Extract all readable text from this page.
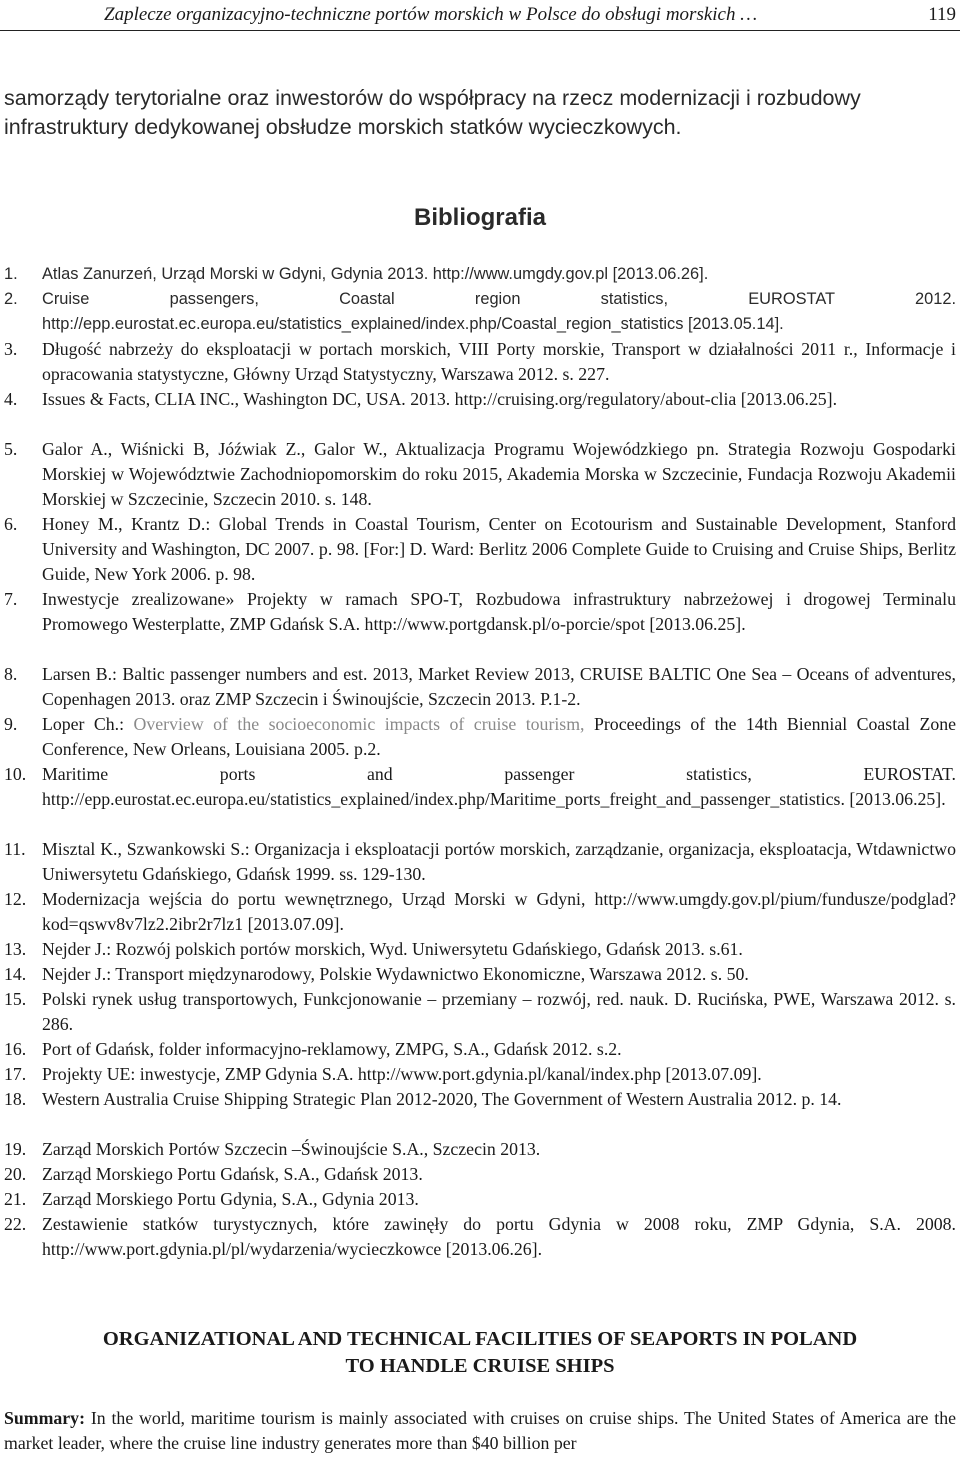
Zaplecze organizacyjno-techniczne portów morskich w Polsce do obsługi morskich …	119
samorządy terytorialne oraz inwestorów do współpracy na rzecz modernizacji i rozbudowy infrastruktury dedykowanej obsłudze morskich statków wycieczkowych.
Bibliografia
1.	Atlas Zanurzeń, Urząd Morski w Gdyni, Gdynia 2013. http://www.umgdy.gov.pl [2013.06.26].
2.	Cruise passengers, Coastal region statistics, EUROSTAT 2012. http://epp.eurostat.ec.europa.eu/statistics_explained/index.php/Coastal_region_statistics [2013.05.14].
3.	Długość nabrzeży do eksploatacji w portach morskich, VIII Porty morskie, Transport w działalności 2011 r., Informacje i opracowania statystyczne, Główny Urząd Statystyczny, Warszawa 2012. s. 227.
4.	Issues & Facts, CLIA INC., Washington DC, USA. 2013. http://cruising.org/regulatory/about-clia [2013.06.25].
5.	Galor A., Wiśnicki B, Jóźwiak Z., Galor W., Aktualizacja Programu Wojewódzkiego pn. Strategia Rozwoju Gospodarki Morskiej w Województwie Zachodniopomorskim do roku 2015, Akademia Morska w Szczecinie, Fundacja Rozwoju Akademii Morskiej w Szczecinie, Szczecin 2010. s. 148.
6.	Honey M., Krantz D.: Global Trends in Coastal Tourism, Center on Ecotourism and Sustainable Development, Stanford University and Washington, DC 2007. p. 98. [For:] D. Ward: Berlitz 2006 Complete Guide to Cruising and Cruise Ships, Berlitz Guide, New York 2006. p. 98.
7.	Inwestycje zrealizowane» Projekty w ramach SPO-T, Rozbudowa infrastruktury nabrzeżowej i drogowej Terminalu Promowego Westerplatte, ZMP Gdańsk S.A. http://www.portgdansk.pl/o-porcie/spot [2013.06.25].
8.	Larsen B.: Baltic passenger numbers and est. 2013, Market Review 2013, CRUISE BALTIC One Sea – Oceans of adventures, Copenhagen 2013. oraz ZMP Szczecin i Świnoujście, Szczecin 2013. P.1-2.
9.	Loper Ch.: Overview of the socioeconomic impacts of cruise tourism, Proceedings of the 14th Biennial Coastal Zone Conference, New Orleans, Louisiana 2005. p.2.
10. Maritime ports and passenger statistics, EUROSTAT. http://epp.eurostat.ec.europa.eu/statistics_explained/index.php/Maritime_ports_freight_and_passenger_statistics. [2013.06.25].
11. Misztal K., Szwankowski S.: Organizacja i eksploatacji portów morskich, zarządzanie, organizacja, eksploatacja, Wtdawnictwo Uniwersytetu Gdańskiego, Gdańsk 1999. ss. 129-130.
12. Modernizacja wejścia do portu wewnętrznego, Urząd Morski w Gdyni, http://www.umgdy.gov.pl/pium/fundusze/podglad?kod=qswv8v7lz2.2ibr2r7lz1 [2013.07.09].
13. Nejder J.: Rozwój polskich portów morskich, Wyd. Uniwersytetu Gdańskiego, Gdańsk 2013. s.61.
14. Nejder J.: Transport międzynarodowy, Polskie Wydawnictwo Ekonomiczne, Warszawa 2012. s. 50.
15. Polski rynek usług transportowych, Funkcjonowanie – przemiany – rozwój, red. nauk. D. Rucińska, PWE, Warszawa 2012. s. 286.
16. Port of Gdańsk, folder informacyjno-reklamowy, ZMPG, S.A., Gdańsk 2012. s.2.
17. Projekty UE: inwestycje, ZMP Gdynia S.A. http://www.port.gdynia.pl/kanal/index.php [2013.07.09].
18. Western Australia Cruise Shipping Strategic Plan 2012-2020, The Government of Western Australia 2012. p. 14.
19. Zarząd Morskich Portów Szczecin –Świnoujście S.A., Szczecin 2013.
20. Zarząd Morskiego Portu Gdańsk, S.A., Gdańsk 2013.
21. Zarząd Morskiego Portu Gdynia, S.A., Gdynia 2013.
22. Zestawienie statków turystycznych, które zawinęły do portu Gdynia w 2008 roku, ZMP Gdynia, S.A. 2008. http://www.port.gdynia.pl/pl/wydarzenia/wycieczkowce [2013.06.26].
ORGANIZATIONAL AND TECHNICAL FACILITIES OF SEAPORTS IN POLAND
TO HANDLE CRUISE SHIPS
Summary: In the world, maritime tourism is mainly associated with cruises on cruise ships. The United States of America are the market leader, where the cruise line industry generates more than $40 billion per
